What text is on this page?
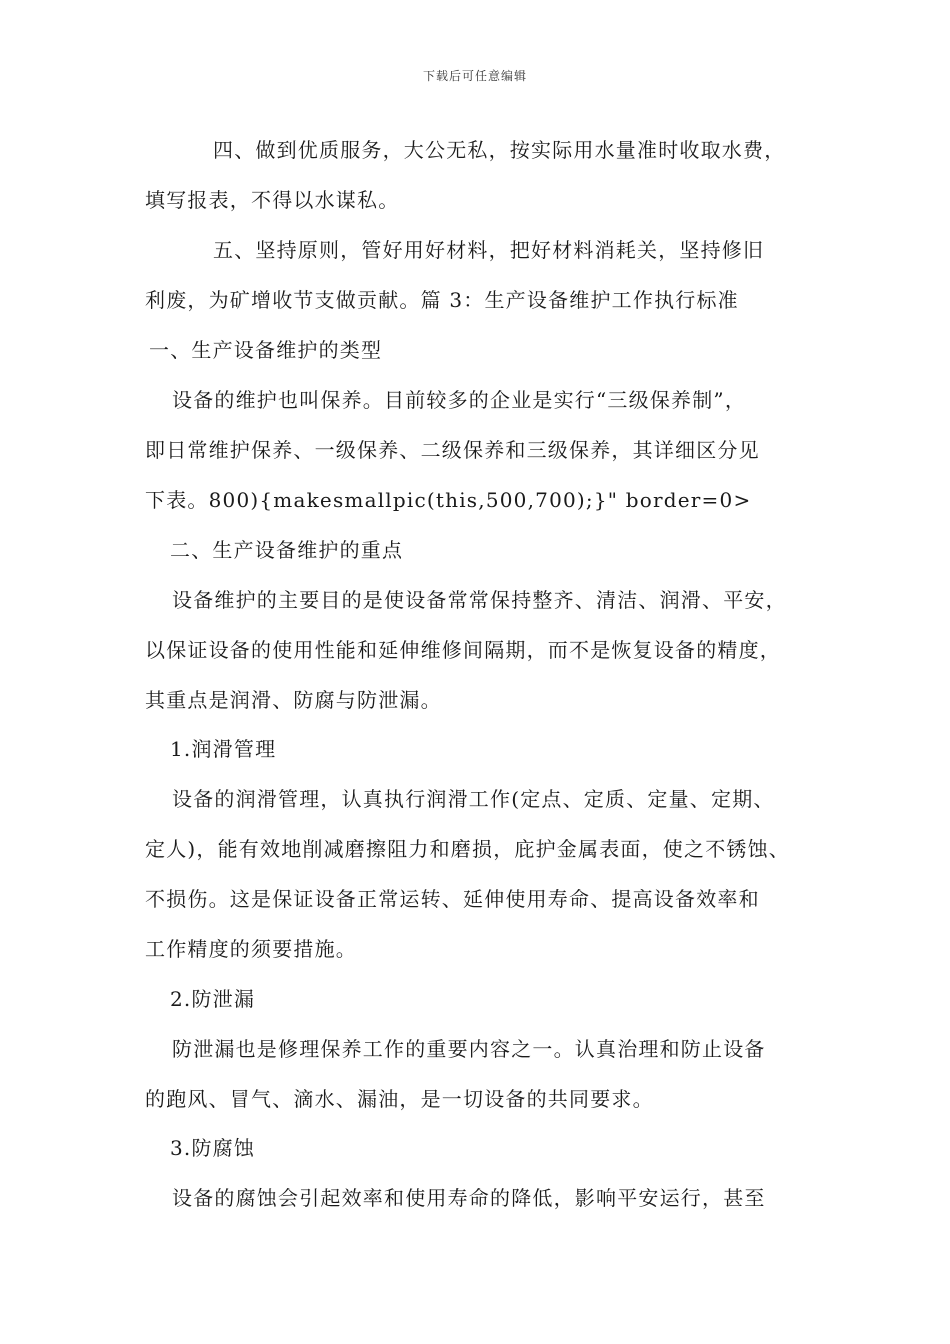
下载后可任意编辑
四、做到优质服务，大公无私，按实际用水量准时收取水费，
填写报表，不得以水谋私。
五、坚持原则，管好用好材料，把好材料消耗关，坚持修旧
利废，为矿增收节支做贡献。篇 3：生产设备维护工作执行标准
一、生产设备维护的类型
设备的维护也叫保养。目前较多的企业是实行“三级保养制”，
即日常维护保养、一级保养、二级保养和三级保养，其详细区分见
下表。800){makesmallpic(this,500,700);}" border=0>
二、生产设备维护的重点
设备维护的主要目的是使设备常常保持整齐、清洁、润滑、平安，
以保证设备的使用性能和延伸维修间隔期，而不是恢复设备的精度，
其重点是润滑、防腐与防泄漏。
1.润滑管理
设备的润滑管理，认真执行润滑工作(定点、定质、定量、定期、
定人)，能有效地削减磨擦阻力和磨损，庇护金属表面，使之不锈蚀、
不损伤。这是保证设备正常运转、延伸使用寿命、提高设备效率和
工作精度的须要措施。
2.防泄漏
防泄漏也是修理保养工作的重要内容之一。认真治理和防止设备
的跑风、冒气、滴水、漏油，是一切设备的共同要求。
3.防腐蚀
设备的腐蚀会引起效率和使用寿命的降低，影响平安运行，甚至
